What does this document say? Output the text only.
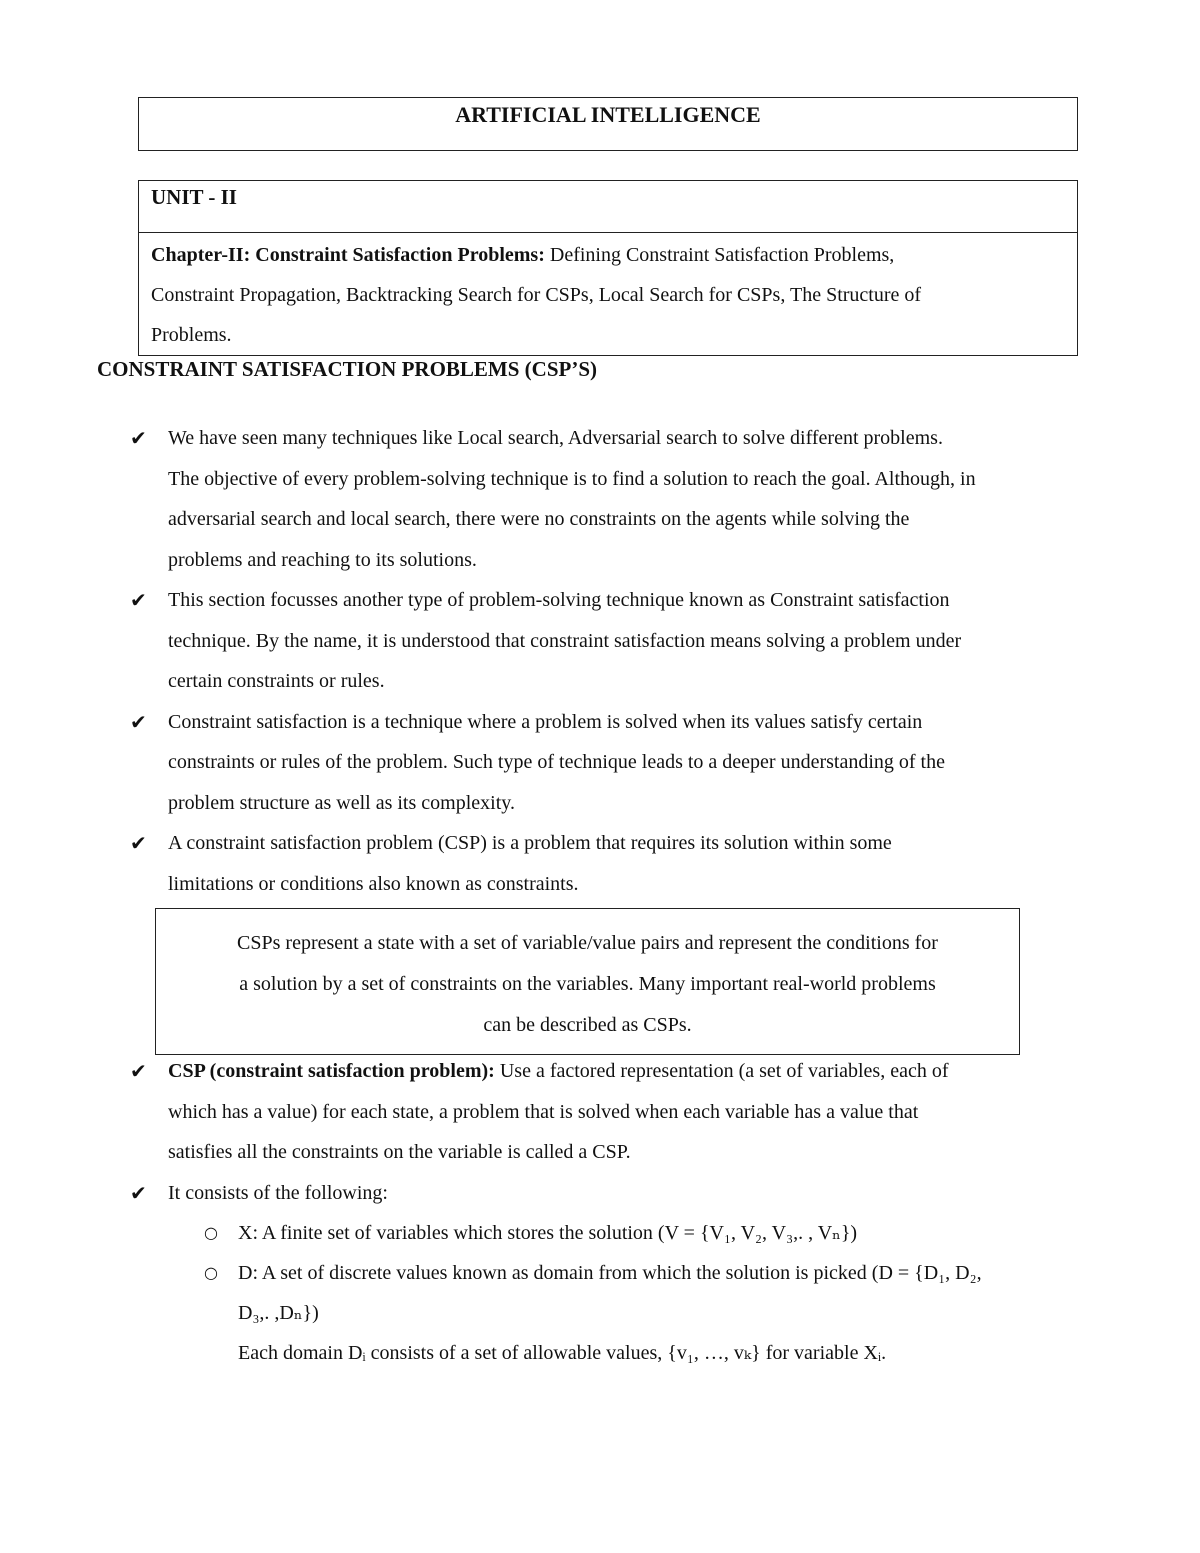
ARTIFICIAL INTELLIGENCE
UNIT - II
Chapter-II: Constraint Satisfaction Problems: Defining Constraint Satisfaction Problems,
Constraint Propagation, Backtracking Search for CSPs, Local Search for CSPs, The Structure of
Problems.
CONSTRAINT SATISFACTION PROBLEMS (CSP’S)
✔ We have seen many techniques like Local search, Adversarial search to solve different problems.
The objective of every problem-solving technique is to find a solution to reach the goal. Although, in
adversarial search and local search, there were no constraints on the agents while solving the
problems and reaching to its solutions.
✔ This section focusses another type of problem-solving technique known as Constraint satisfaction
technique. By the name, it is understood that constraint satisfaction means solving a problem under
certain constraints or rules.
✔ Constraint satisfaction is a technique where a problem is solved when its values satisfy certain
constraints or rules of the problem. Such type of technique leads to a deeper understanding of the
problem structure as well as its complexity.
✔ A constraint satisfaction problem (CSP) is a problem that requires its solution within some
limitations or conditions also known as constraints.
CSPs represent a state with a set of variable/value pairs and represent the conditions for
a solution by a set of constraints on the variables. Many important real-world problems
can be described as CSPs.
✔ CSP (constraint satisfaction problem): Use a factored representation (a set of variables, each of
which has a value) for each state, a problem that is solved when each variable has a value that
satisfies all the constraints on the variable is called a CSP.
✔ It consists of the following:
○ X: A finite set of variables which stores the solution (V = {V₁, V₂, V₃,. , Vₙ})
○ D: A set of discrete values known as domain from which the solution is picked (D = {D₁, D₂,
D₃,. ,Dₙ})
Each domain Dᵢ consists of a set of allowable values, {v₁, …, vₖ} for variable Xᵢ.
